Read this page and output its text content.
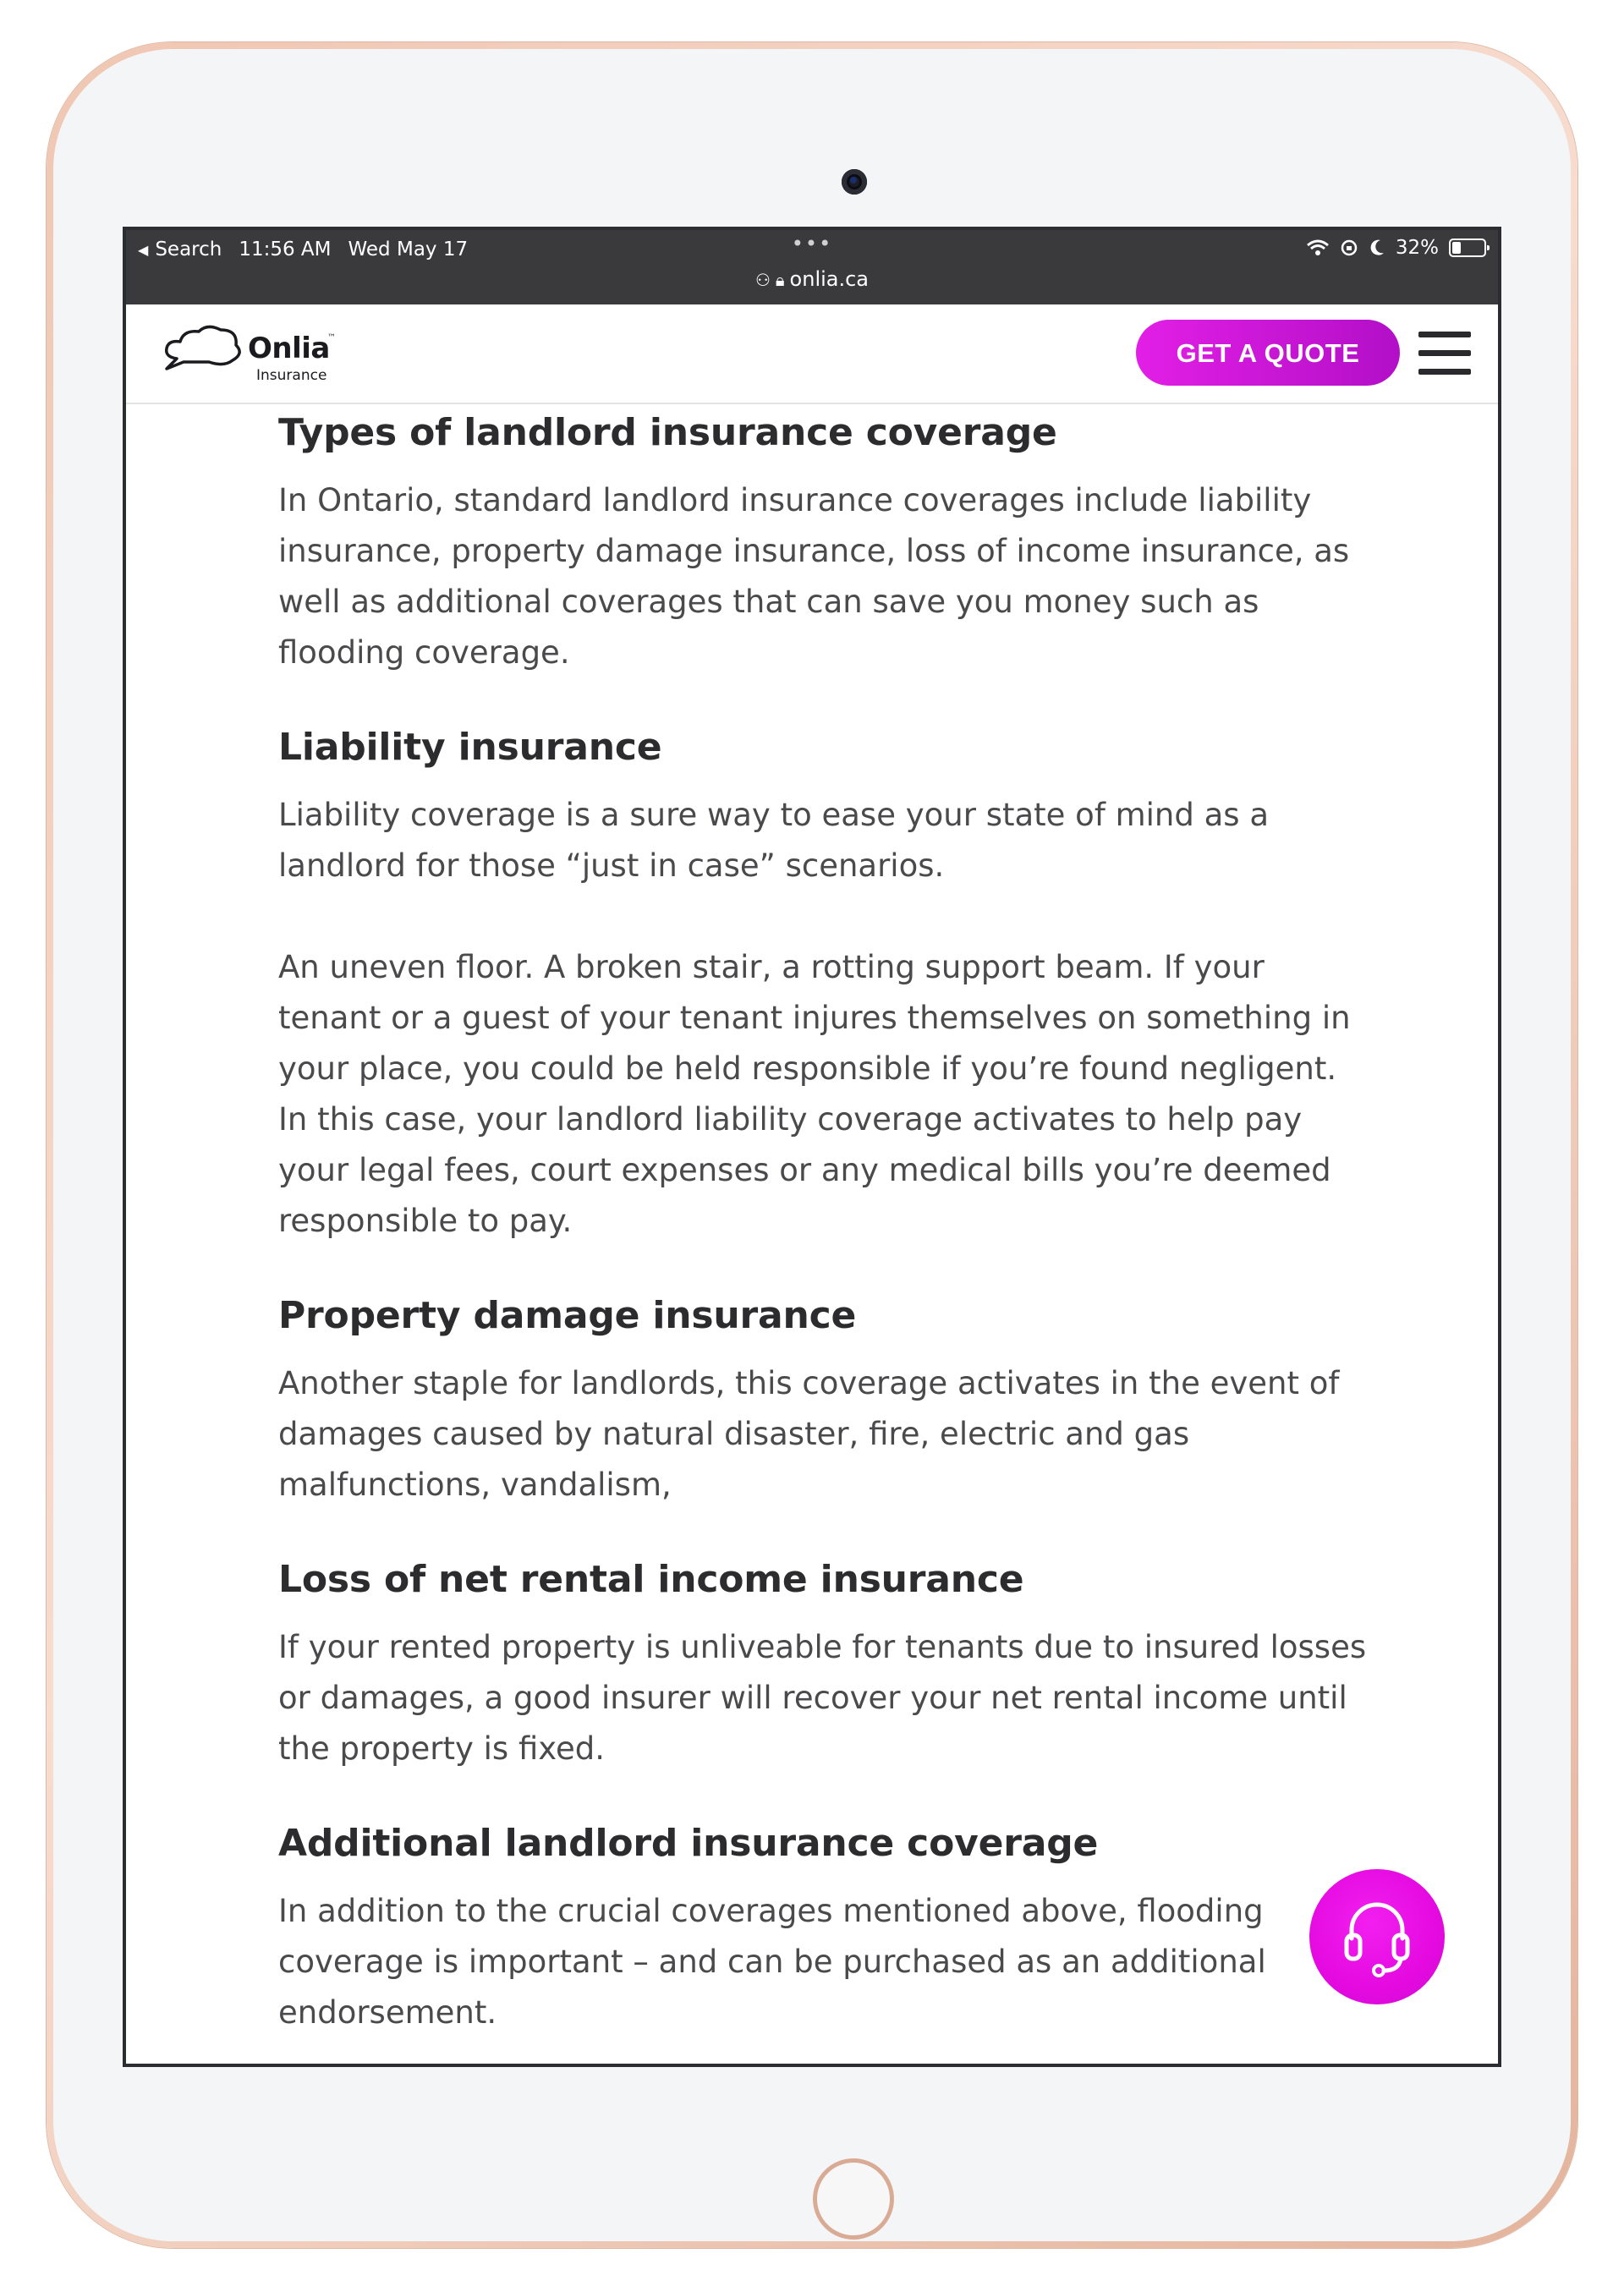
◀ Search 11:56 AM Wed May 17	•••
⚇ 🔒︎ onlia.ca
32%
Onlia
™
Insurance
GET A QUOTE
Types of landlord insurance coverage

In Ontario, standard landlord insurance coverages include liability insurance, property damage insurance, loss of income insurance, as well as additional coverages that can save you money such as flooding coverage.

Liability insurance

Liability coverage is a sure way to ease your state of mind as a landlord for those “just in case” scenarios.

An uneven floor. A broken stair, a rotting support beam. If your tenant or a guest of your tenant injures themselves on something in your place, you could be held responsible if you’re found negligent. In this case, your landlord liability coverage activates to help pay your legal fees, court expenses or any medical bills you’re deemed responsible to pay.

Property damage insurance

Another staple for landlords, this coverage activates in the event of damages caused by natural disaster, fire, electric and gas malfunctions, vandalism,

Loss of net rental income insurance

If your rented property is unliveable for tenants due to insured losses or damages, a good insurer will recover your net rental income until the property is fixed.

Additional landlord insurance coverage

In addition to the crucial coverages mentioned above, flooding coverage is important – and can be purchased as an additional endorsement.
